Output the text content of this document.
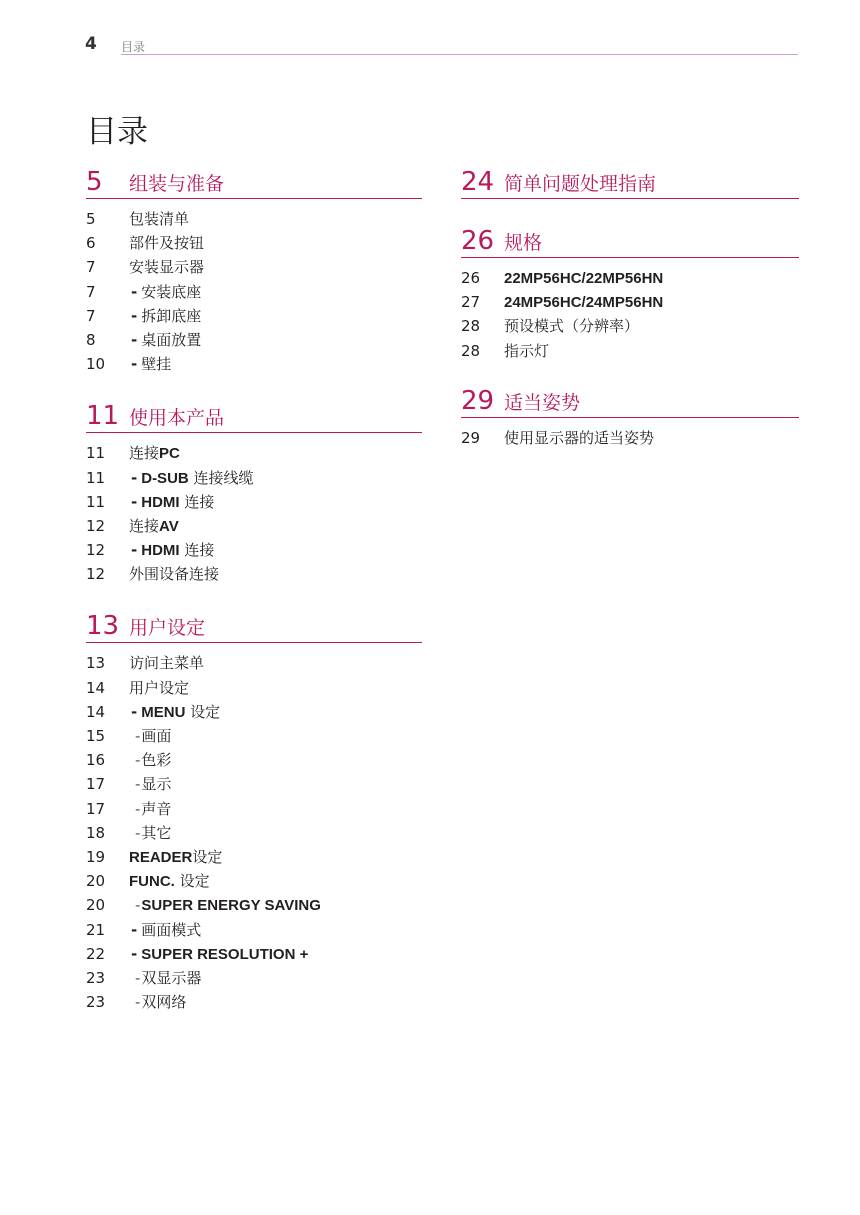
4 目录
目录
5 组装与准备
5 包装清单
6 部件及按钮
7 安装显示器
7 - 安装底座
7 - 拆卸底座
8 - 桌面放置
10 - 壁挂
11 使用本产品
11 连接PC
11 - D-SUB 连接线缆
11 - HDMI 连接
12 连接AV
12 - HDMI 连接
12 外围设备连接
13 用户设定
13 访问主菜单
14 用户设定
14 - MENU 设定
15	-画面
16	-色彩
17	-显示
17	-声音
18	-其它
19 READER设定
20 FUNC. 设定
20	-SUPER ENERGY SAVING
21 - 画面模式
22 - SUPER RESOLUTION +
23	-双显示器
23	-双网络
24 简单问题处理指南
26 规格
26 22MP56HC/22MP56HN
27 24MP56HC/24MP56HN
28 预设模式（分辨率）
28 指示灯
29 适当姿势
29 使用显示器的适当姿势
